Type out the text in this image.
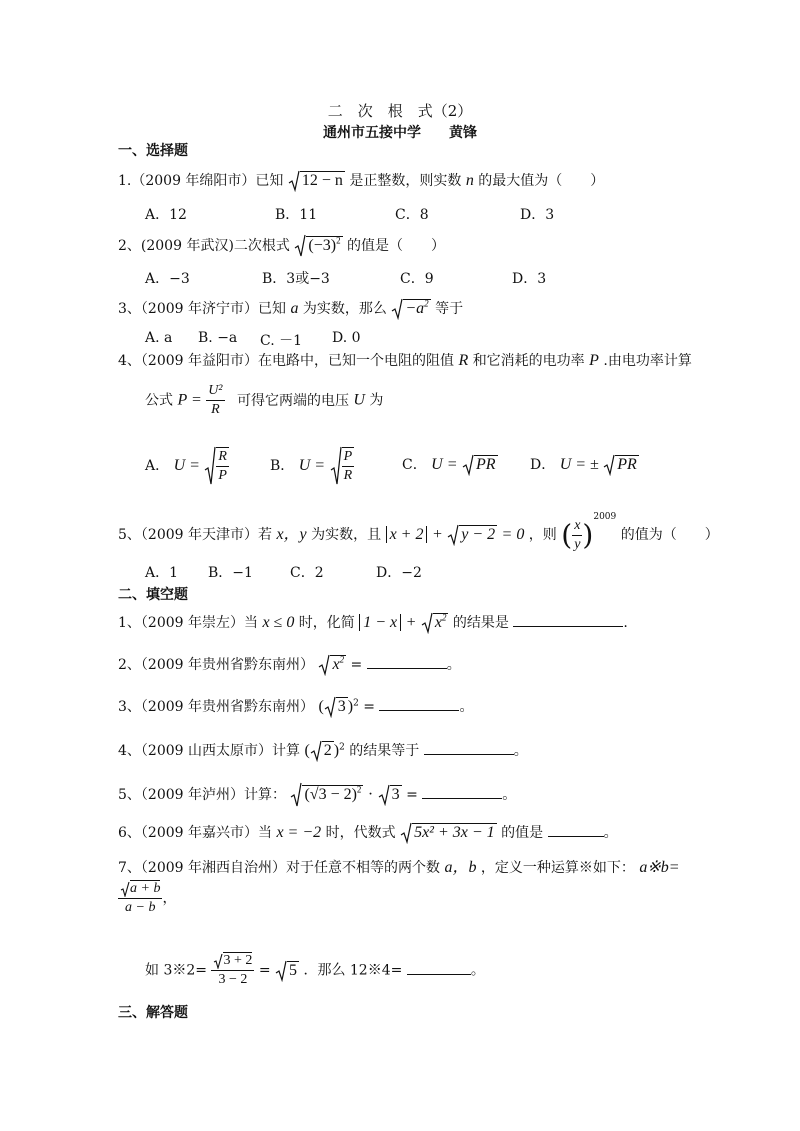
二　次　根　式（2）
通州市五接中学　　黄锋
一、选择题
1.（2009 年绵阳市）已知 12 − n 是正整数，则实数 n 的最大值为（　　）
A．12	B．11	C．8	D．3
2、(2009 年武汉)二次根式 $(-3)^2$ 的值是（　　）
A．−3	B．3或−3	C．9	D．3
3、（2009 年济宁市）已知 a 为实数，那么 $-a^2$ 等于
A. a B. −a C. －1 D. 0
4、（2009 年益阳市）在电路中，已知一个电阻的阻值 R 和它消耗的电功率 P .由电功率计算
公式 $P = \frac{\text{U²}}{R}$ 可得它两端的电压 U 为
A． $U = \frac{R}{P}$	B． $U = \frac{P}{R}$	C． U = PR D． U = ± PR
5、（2009 年天津市）若 x，y 为实数，且 x + 2 + y − 2 = 0 ，则 ( $\frac{x}{y} )^{2009}$ 的值为（　　）
A．1 B．−1	C．2	D．−2
二、填空题
1、（2009 年崇左）当 x ≤ 0 时，化简 $1 - x + x^2$ 的结果是	.
2、（2009 年贵州省黔东南州） $x^2$ =	。
3、（2009 年贵州省黔东南州） ( 3 )$^2$ =	。
4、（2009 山西太原市）计算 ( 2 )$^2$ 的结果等于	。
5、（2009 年泸州）计算： $(√3 - 2)^2 \cdot 3$ =	。
6、（2009 年嘉兴市）当 x = −2 时，代数式 5x² + 3x − 1 的值是	。
7、（2009 年湘西自治州）对于任意不相等的两个数 a，b ，定义一种运算※如下： a※b=
$\frac{a + b}{a - b}$ ，
如 3※2= $\frac{3 + 2}{3 - 2} = 5$ ．那么 12※4=	。
三、解答题
